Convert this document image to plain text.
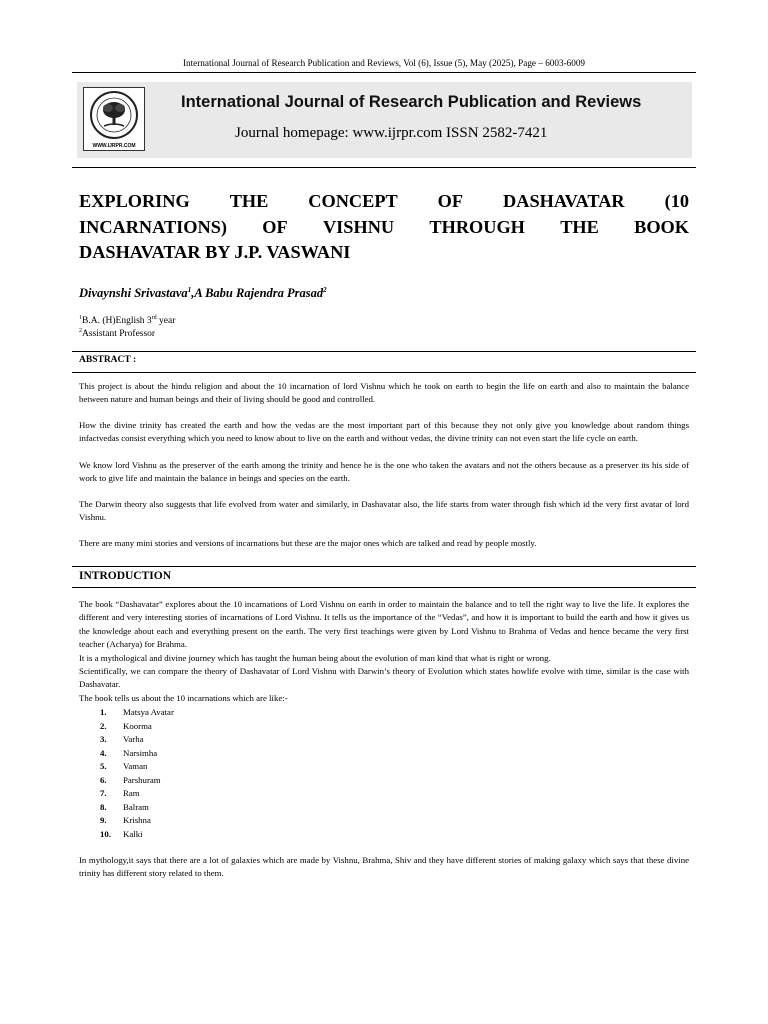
International Journal of Research Publication and Reviews, Vol (6), Issue (5), May (2025), Page – 6003-6009
WWW.IJRPR.COM
International Journal of Research Publication and Reviews
Journal homepage: www.ijrpr.com ISSN 2582-7421
EXPLORING THE CONCEPT OF DASHAVATAR (10
INCARNATIONS) OF VISHNU THROUGH THE BOOK
DASHAVATAR BY J.P. VASWANI
Divaynshi Srivastava$^1$,A Babu Rajendra Prasad$^2$
$^1$B.A. (H)English 3rd year
$^2$Assistant Professor
ABSTRACT :
This project is about the hindu religion and about the 10 incarnation of lord Vishnu which he took on earth to begin the life on earth and also to maintain the balance between nature and human beings and their of living should be good and controlled.
How the divine trinity has created the earth and how the vedas are the most important part of this because they not only give you knowledge about random things infactvedas consist everything which you need to know about to live on the earth and without vedas, the divine trinity can not even start the life cycle on earth.
We know lord Vishnu as the preserver of the earth among the trinity and hence he is the one who taken the avatars and not the others because as a preserver its his side of work to give life and maintain the balance in beings and species on the earth.
The Darwin theory also suggests that life evolved from water and similarly, in Dashavatar also, the life starts from water through fish which id the very first avatar of lord Vishnu.
There are many mini stories and versions of incarnations but these are the major ones which are talked and read by people mostly.
INTRODUCTION
The book “Dashavatar” explores about the 10 incarnations of Lord Vishnu on earth in order to maintain the balance and to tell the right way to live the life. It explores the different and very interesting stories of incarnations of Lord Vishnu. It tells us the importance of the “Vedas”, and how it is important to build the earth and how it gives us the knowledge about each and everything present on the earth. The very first teachings were given by Lord Vishnu to Brahma of Vedas and hence became the very first teacher (Acharya) for Brahma.
It is a mythological and divine journey which has taught the human being about the evolution of man kind that what is right or wrong.
Scientifically, we can compare the theory of Dashavatar of Lord Vishnu with Darwin’s theory of Evolution which states howlife evolve with time, similar is the case with Dashavatar.
The book tells us about the 10 incarnations which are like:-
1.	Matsya Avatar
2.	Koorma
3.	Varha
4.	Narsimha
5.	Vaman
6.	Parshuram
7.	Ram
8.	Balram
9.	Krishna
10.	Kalki
In mythology,it says that there are a lot of galaxies which are made by Vishnu, Brahma, Shiv and they have different stories of making galaxy which says that these divine trinity has different story related to them.
